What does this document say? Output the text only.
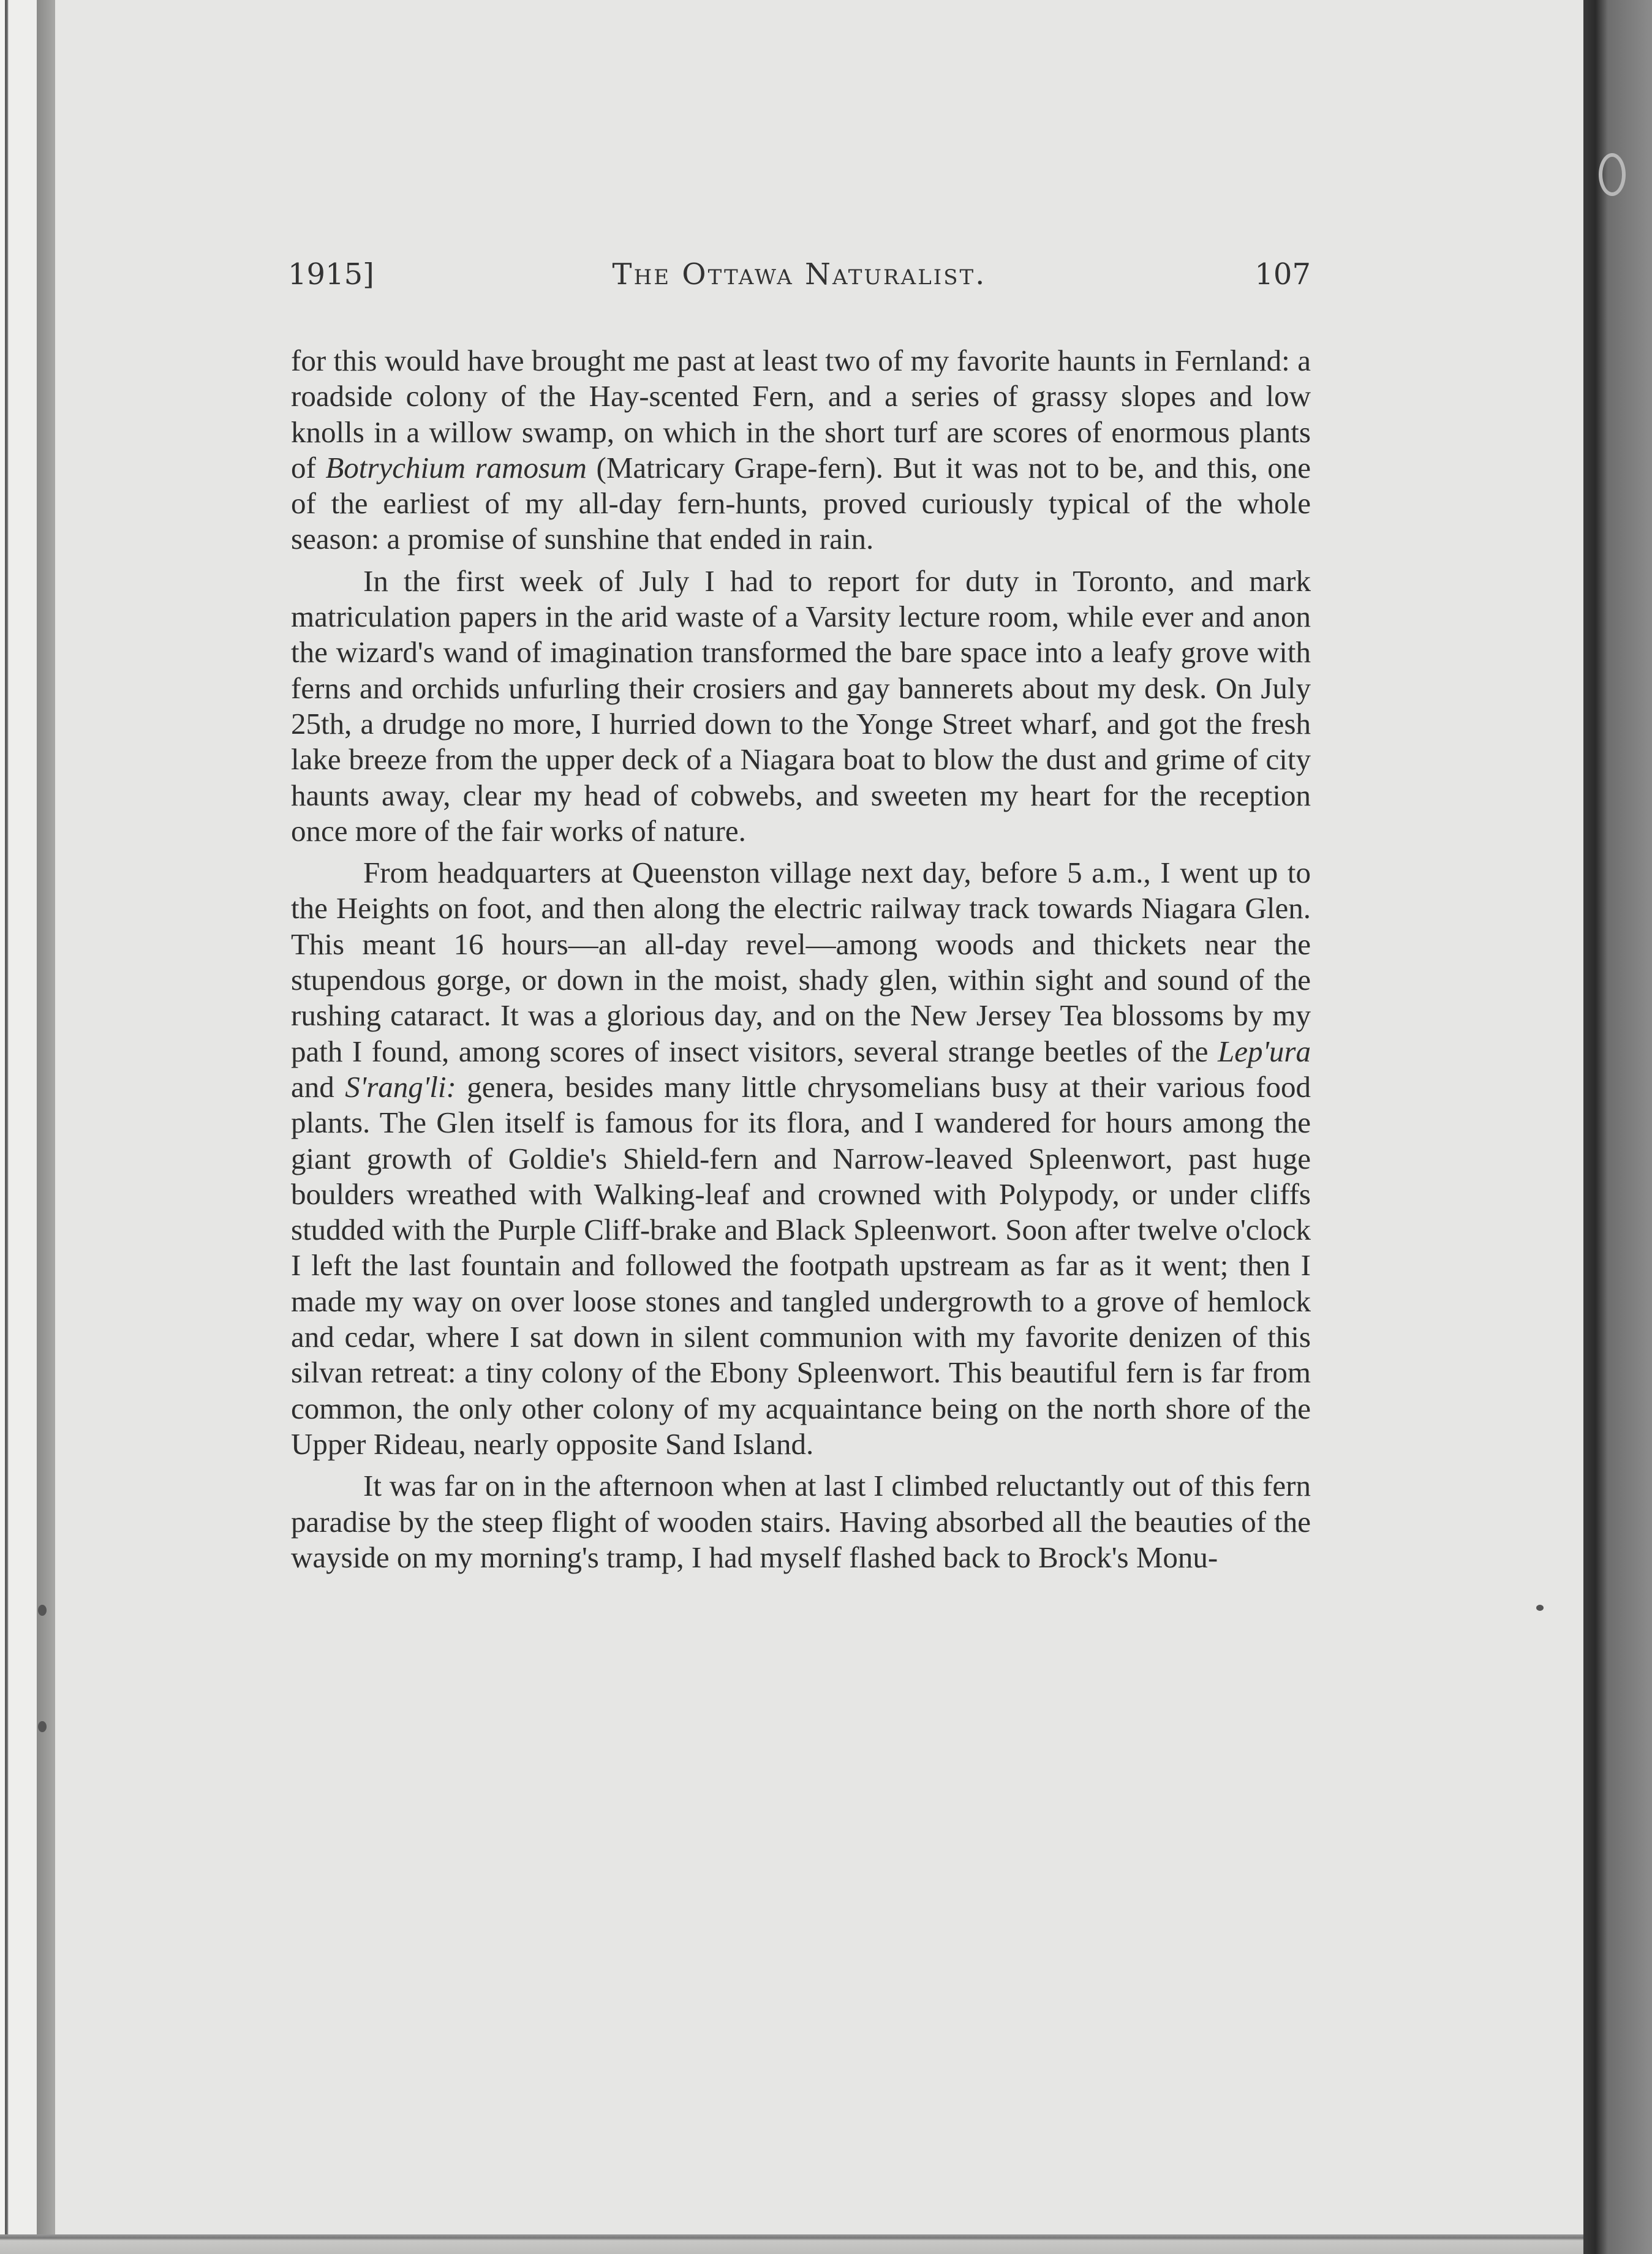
1915]	The Ottawa Naturalist.	107

for this would have brought me past at least two of my favorite haunts in Fernland: a roadside colony of the Hay-scented Fern, and a series of grassy slopes and low knolls in a willow swamp, on which in the short turf are scores of enormous plants of Botrychium ramosum (Matricary Grape-fern). But it was not to be, and this, one of the earliest of my all-day fern-hunts, proved curiously typical of the whole season: a promise of sunshine that ended in rain.

In the first week of July I had to report for duty in Toronto, and mark matriculation papers in the arid waste of a Varsity lecture room, while ever and anon the wizard's wand of imagination transformed the bare space into a leafy grove with ferns and orchids unfurling their crosiers and gay bannerets about my desk. On July 25th, a drudge no more, I hurried down to the Yonge Street wharf, and got the fresh lake breeze from the upper deck of a Niagara boat to blow the dust and grime of city haunts away, clear my head of cobwebs, and sweeten my heart for the reception once more of the fair works of nature.

From headquarters at Queenston village next day, before 5 a.m., I went up to the Heights on foot, and then along the electric railway track towards Niagara Glen. This meant 16 hours—an all-day revel—among woods and thickets near the stupendous gorge, or down in the moist, shady glen, within sight and sound of the rushing cataract. It was a glorious day, and on the New Jersey Tea blossoms by my path I found, among scores of insect visitors, several strange beetles of the Lep'ura and S'rang'li: genera, besides many little chrysomelians busy at their various food plants. The Glen itself is famous for its flora, and I wandered for hours among the giant growth of Goldie's Shield-fern and Narrow-leaved Spleenwort, past huge boulders wreathed with Walking-leaf and crowned with Polypody, or under cliffs studded with the Purple Cliff-brake and Black Spleenwort. Soon after twelve o'clock I left the last fountain and followed the footpath upstream as far as it went; then I made my way on over loose stones and tangled undergrowth to a grove of hemlock and cedar, where I sat down in silent communion with my favorite denizen of this silvan retreat: a tiny colony of the Ebony Spleenwort. This beautiful fern is far from common, the only other colony of my acquaintance being on the north shore of the Upper Rideau, nearly opposite Sand Island.

It was far on in the afternoon when at last I climbed reluctantly out of this fern paradise by the steep flight of wooden stairs. Having absorbed all the beauties of the wayside on my morning's tramp, I had myself flashed back to Brock's Monu-
